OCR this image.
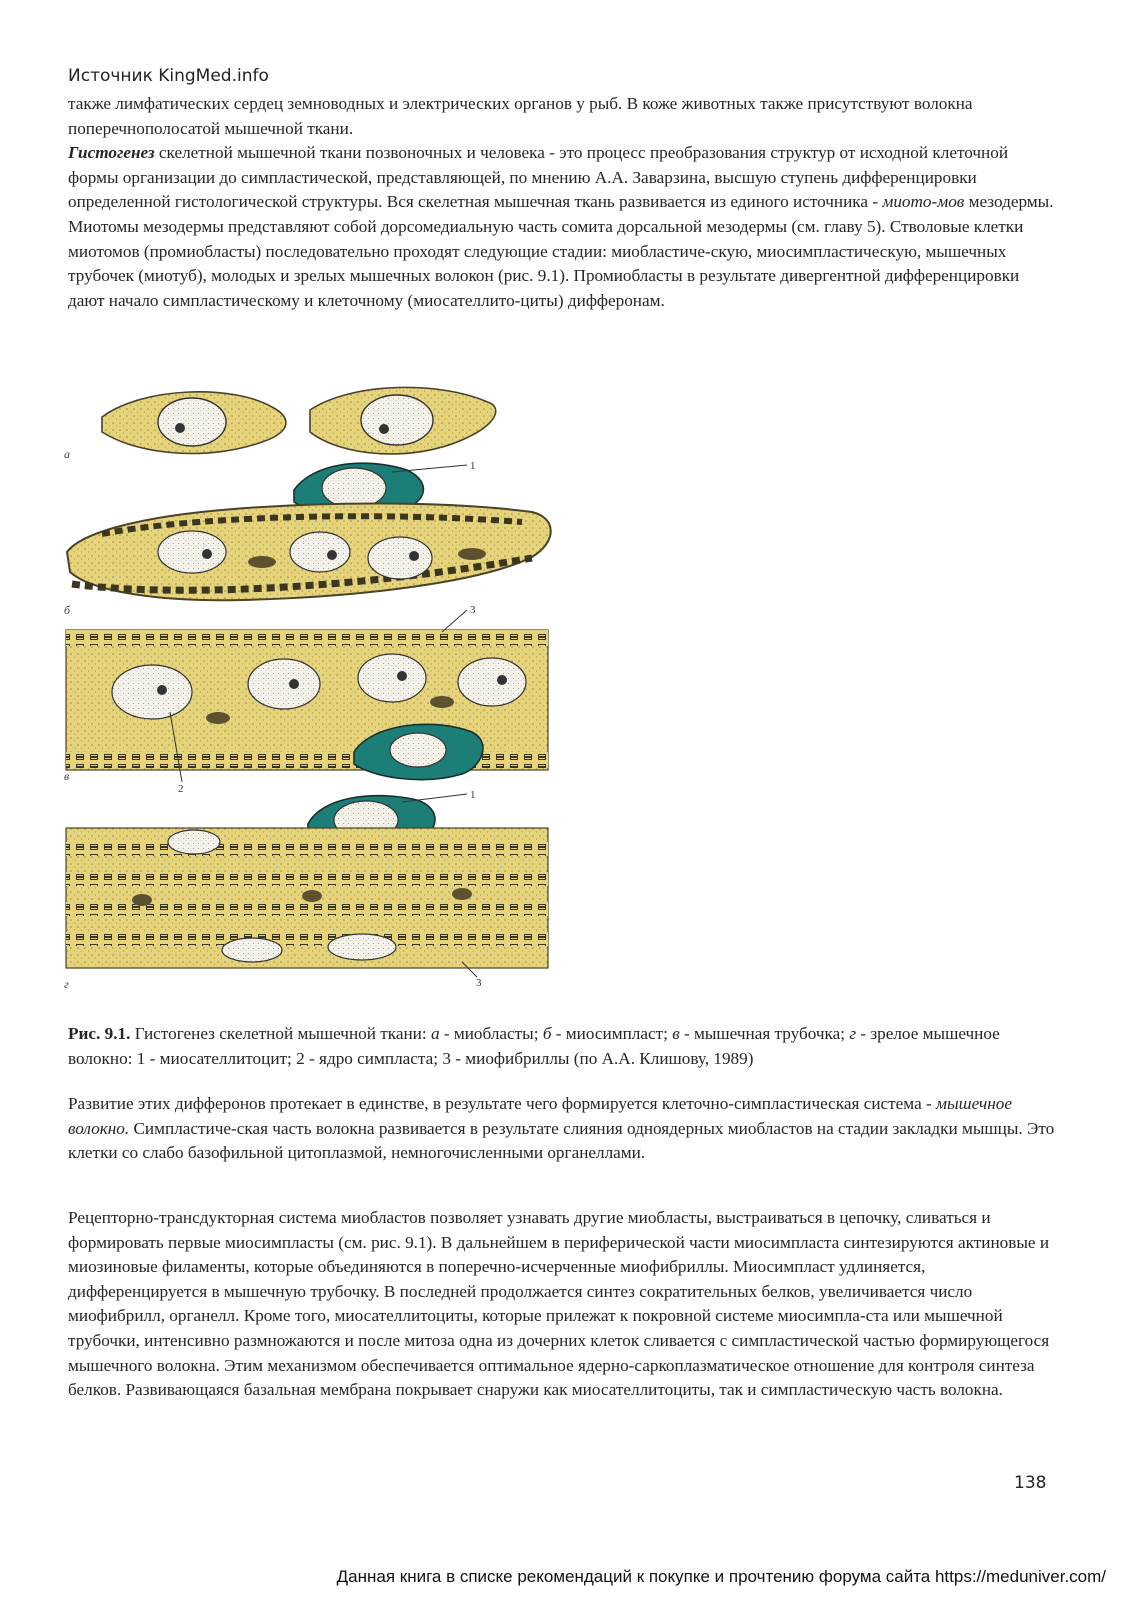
Источник KingMed.info

также лимфатических сердец земноводных и электрических органов у рыб. В коже животных также присутствуют волокна поперечнополосатой мышечной ткани.
Гистогенез скелетной мышечной ткани позвоночных и человека - это процесс преобразования структур от исходной клеточной формы организации до симпластической, представляющей, по мнению А.А. Заварзина, высшую ступень дифференцировки определенной гистологической структуры. Вся скелетная мышечная ткань развивается из единого источника - миото-мов мезодермы. Миотомы мезодермы представляют собой дорсомедиальную часть сомита дорсальной мезодермы (см. главу 5). Стволовые клетки миотомов (промиобласты) последовательно проходят следующие стадии: миобластиче-скую, миосимпластическую, мышечных трубочек (миотуб), молодых и зрелых мышечных волокон (рис. 9.1). Промиобласты в результате дивергентной дифференцировки дают начало симпластическому и клеточному (миосателлито-циты) дифферонам.

а
1
б	3
в
1
2
3
г

Рис. 9.1. Гистогенез скелетной мышечной ткани: а - миобласты; б - миосимпласт; в - мышечная трубочка; г - зрелое мышечное волокно: 1 - миосателлитоцит; 2 - ядро симпласта; 3 - миофибриллы (по А.А. Клишову, 1989)

Развитие этих дифферонов протекает в единстве, в результате чего формируется клеточно-симпластическая система - мышечное волокно. Симпластиче-ская часть волокна развивается в результате слияния одноядерных миобластов на стадии закладки мышцы. Это клетки со слабо базофильной цитоплазмой, немногочисленными органеллами.

Рецепторно-трансдукторная система миобластов позволяет узнавать другие миобласты, выстраиваться в цепочку, сливаться и формировать первые миосимпласты (см. рис. 9.1). В дальнейшем в периферической части миосимпласта синтезируются актиновые и миозиновые филаменты, которые объединяются в поперечно-исчерченные миофибриллы. Миосимпласт удлиняется, дифференцируется в мышечную трубочку. В последней продолжается синтез сократительных белков, увеличивается число миофибрилл, органелл. Кроме того, миосателлитоциты, которые прилежат к покровной системе миосимпла-ста или мышечной трубочки, интенсивно размножаются и после митоза одна из дочерних клеток сливается с симпластической частью формирующегося мышечного волокна. Этим механизмом обеспечивается оптимальное ядерно-саркоплазматическое отношение для контроля синтеза белков. Развивающаяся базальная мембрана покрывает снаружи как миосателлитоциты, так и симпластическую часть волокна.

138
Данная книга в списке рекомендаций к покупке и прочтению форума сайта https://meduniver.com/
